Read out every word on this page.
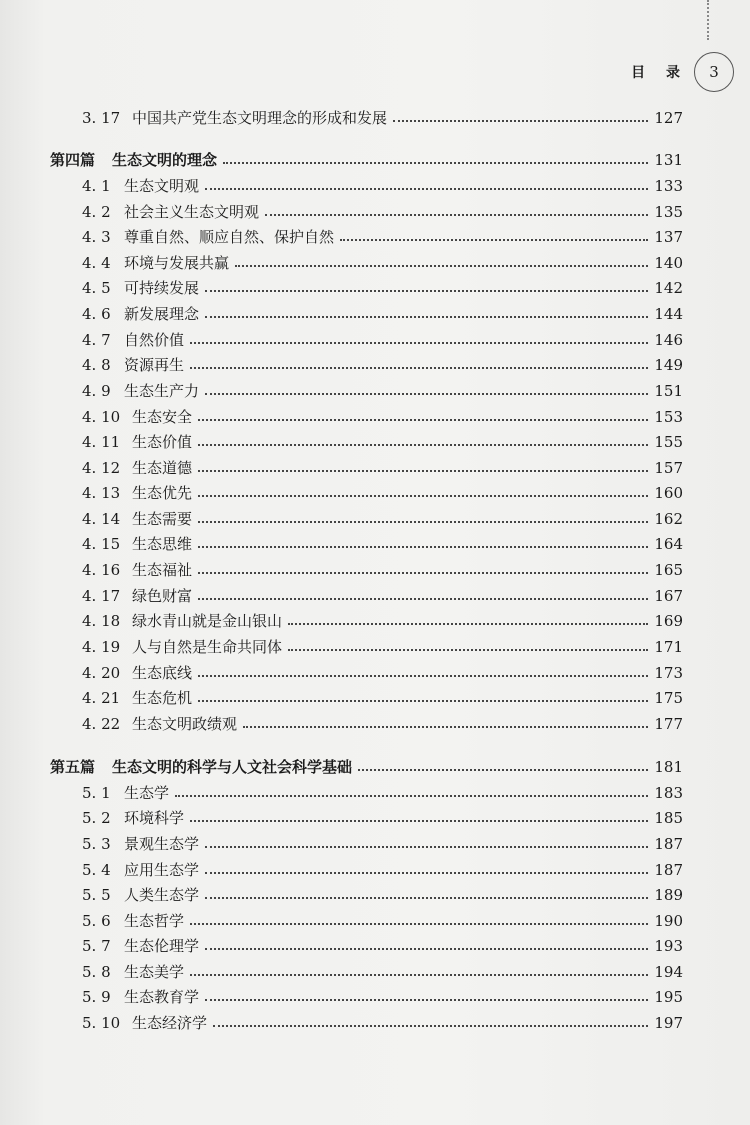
目 录	3
3. 17 中国共产党生态文明理念的形成和发展	127
第四篇	生态文明的理念	131
4. 1 生态文明观	133
4. 2 社会主义生态文明观	135
4. 3 尊重自然、顺应自然、保护自然	137
4. 4 环境与发展共赢	140
4. 5 可持续发展	142
4. 6 新发展理念	144
4. 7 自然价值	146
4. 8 资源再生	149
4. 9 生态生产力	151
4. 10 生态安全	153
4. 11 生态价值	155
4. 12 生态道德	157
4. 13 生态优先	160
4. 14 生态需要	162
4. 15 生态思维	164
4. 16 生态福祉	165
4. 17 绿色财富	167
4. 18 绿水青山就是金山银山	169
4. 19 人与自然是生命共同体	171
4. 20 生态底线	173
4. 21 生态危机	175
4. 22 生态文明政绩观	177
第五篇	生态文明的科学与人文社会科学基础	181
5. 1 生态学	183
5. 2 环境科学	185
5. 3 景观生态学	187
5. 4 应用生态学	187
5. 5 人类生态学	189
5. 6 生态哲学	190
5. 7 生态伦理学	193
5. 8 生态美学	194
5. 9 生态教育学	195
5. 10 生态经济学	197
